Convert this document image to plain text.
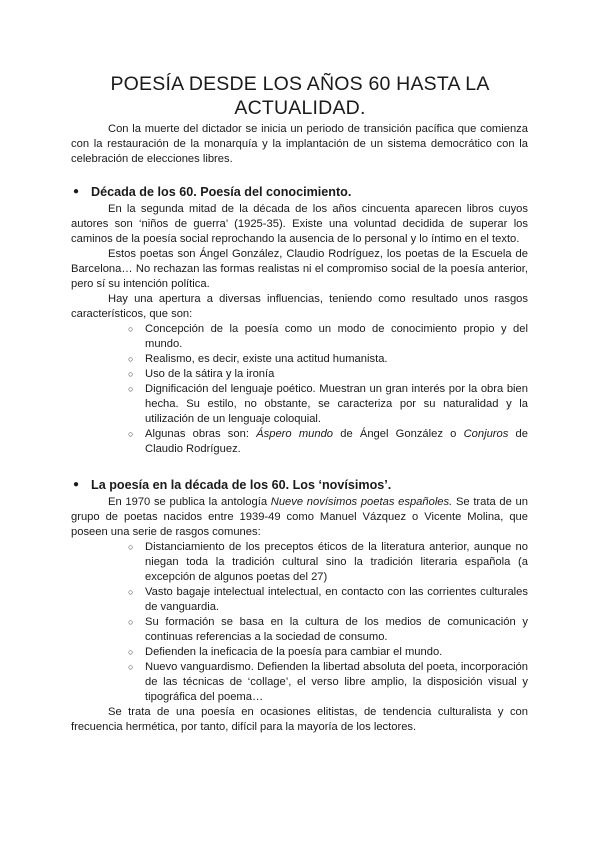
POESÍA DESDE LOS AÑOS 60 HASTA LA ACTUALIDAD.

Con la muerte del dictador se inicia un periodo de transición pacífica que comienza con la restauración de la monarquía y la implantación de un sistema democrático con la celebración de elecciones libres.

● Década de los 60. Poesía del conocimiento.

En la segunda mitad de la década de los años cincuenta aparecen libros cuyos autores son ‘niños de guerra’ (1925-35). Existe una voluntad decidida de superar los caminos de la poesía social reprochando la ausencia de lo personal y lo íntimo en el texto.

Estos poetas son Ángel González, Claudio Rodríguez, los poetas de la Escuela de Barcelona… No rechazan las formas realistas ni el compromiso social de la poesía anterior, pero sí su intención política.

Hay una apertura a diversas influencias, teniendo como resultado unos rasgos característicos, que son:

○ Concepción de la poesía como un modo de conocimiento propio y del mundo.
○ Realismo, es decir, existe una actitud humanista.
○ Uso de la sátira y la ironía
○ Dignificación del lenguaje poético. Muestran un gran interés por la obra bien hecha. Su estilo, no obstante, se caracteriza por su naturalidad y la utilización de un lenguaje coloquial.
○ Algunas obras son: Áspero mundo de Ángel González o Conjuros de Claudio Rodríguez.
● La poesía en la década de los 60. Los ‘novísimos’.

En 1970 se publica la antología Nueve novísimos poetas españoles. Se trata de un grupo de poetas nacidos entre 1939-49 como Manuel Vázquez o Vicente Molina, que poseen una serie de rasgos comunes:

○ Distanciamiento de los preceptos éticos de la literatura anterior, aunque no niegan toda la tradición cultural sino la tradición literaria española (a excepción de algunos poetas del 27)
○ Vasto bagaje intelectual intelectual, en contacto con las corrientes culturales de vanguardia.
○ Su formación se basa en la cultura de los medios de comunicación y continuas referencias a la sociedad de consumo.
○ Defienden la ineficacia de la poesía para cambiar el mundo.
○ Nuevo vanguardismo. Defienden la libertad absoluta del poeta, incorporación de las técnicas de ‘collage’, el verso libre amplio, la disposición visual y tipográfica del poema…

Se trata de una poesía en ocasiones elitistas, de tendencia culturalista y con frecuencia hermética, por tanto, difícil para la mayoría de los lectores.
